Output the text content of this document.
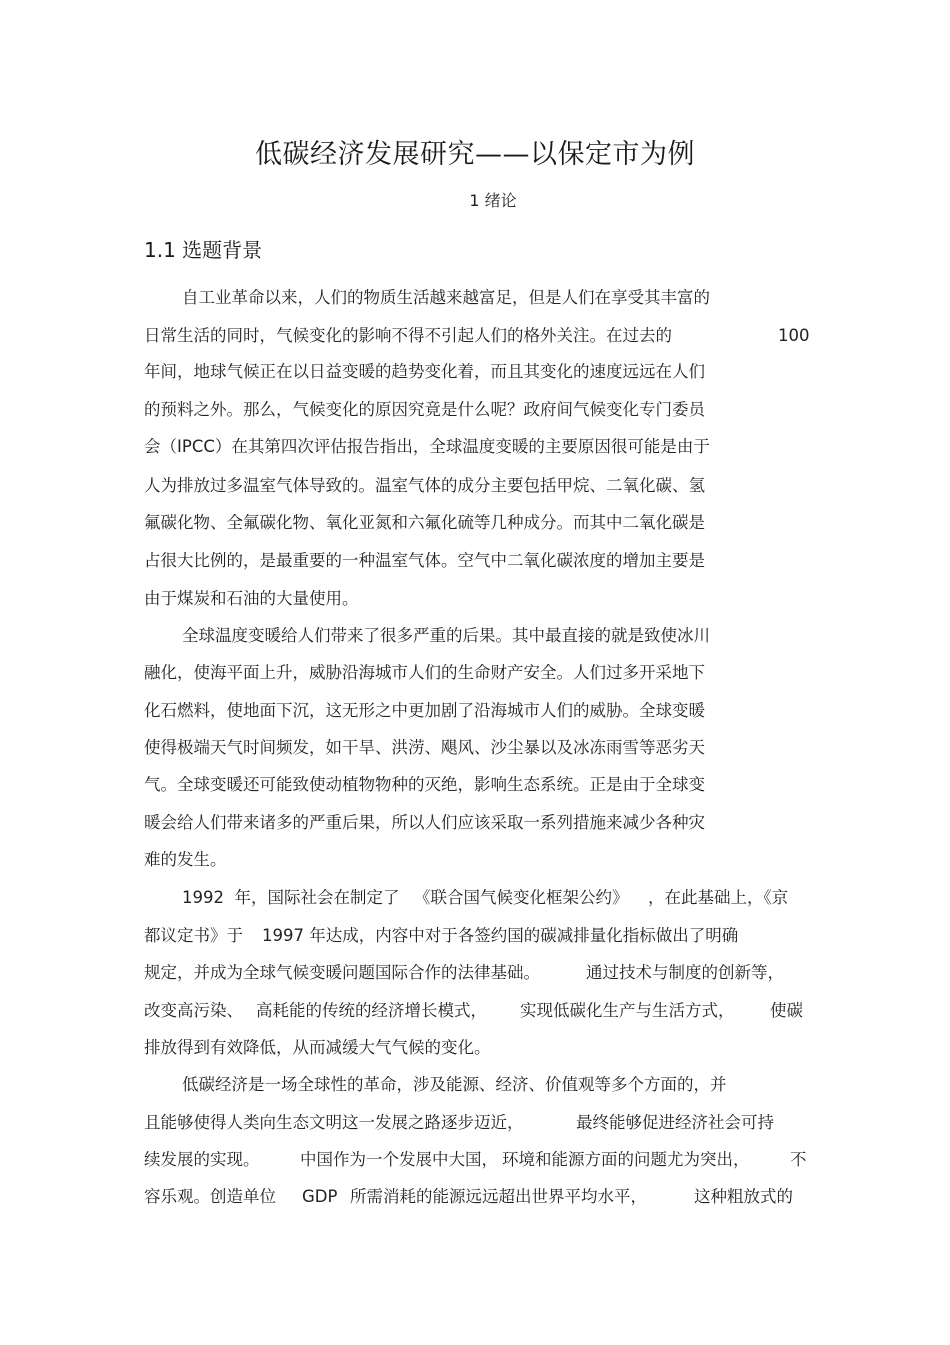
低碳经济发展研究——以保定市为例
1 绪论
1.1 选题背景
自工业革命以来，人们的物质生活越来越富足，但是人们在享受其丰富的
日常生活的同时，气候变化的影响不得不引起人们的格外关注。在过去的	100
年间，地球气候正在以日益变暖的趋势变化着，而且其变化的速度远远在人们
的预料之外。那么，气候变化的原因究竟是什么呢？政府间气候变化专门委员
会（IPCC）在其第四次评估报告指出，全球温度变暖的主要原因很可能是由于
人为排放过多温室气体导致的。温室气体的成分主要包括甲烷、二氧化碳、氢
氟碳化物、全氟碳化物、氧化亚氮和六氟化硫等几种成分。而其中二氧化碳是
占很大比例的，是最重要的一种温室气体。空气中二氧化碳浓度的增加主要是
由于煤炭和石油的大量使用。
全球温度变暖给人们带来了很多严重的后果。其中最直接的就是致使冰川
融化，使海平面上升，威胁沿海城市人们的生命财产安全。人们过多开采地下
化石燃料，使地面下沉，这无形之中更加剧了沿海城市人们的威胁。全球变暖
使得极端天气时间频发，如干旱、洪涝、飓风、沙尘暴以及冰冻雨雪等恶劣天
气。全球变暖还可能致使动植物物种的灭绝，影响生态系统。正是由于全球变
暖会给人们带来诸多的严重后果，所以人们应该采取一系列措施来减少各种灾
难的发生。
1992  年，国际社会在制定了 《联合国气候变化框架公约》 ，在此基础上，《京
都议定书》于 1997 年达成，内容中对于各签约国的碳减排量化指标做出了明确
规定，并成为全球气候变暖问题国际合作的法律基础。	通过技术与制度的创新等，
改变高污染、 高耗能的传统的经济增长模式， 实现低碳化生产与生活方式， 使碳
排放得到有效降低，从而减缓大气气候的变化。
低碳经济是一场全球性的革命，涉及能源、经济、价值观等多个方面的，并
且能够使得人类向生态文明这一发展之路逐步迈近，	最终能够促进经济社会可持
续发展的实现。 中国作为一个发展中大国， 环境和能源方面的问题尤为突出， 不
容乐观。创造单位 GDP 所需消耗的能源远远超出世界平均水平，	这种粗放式的
